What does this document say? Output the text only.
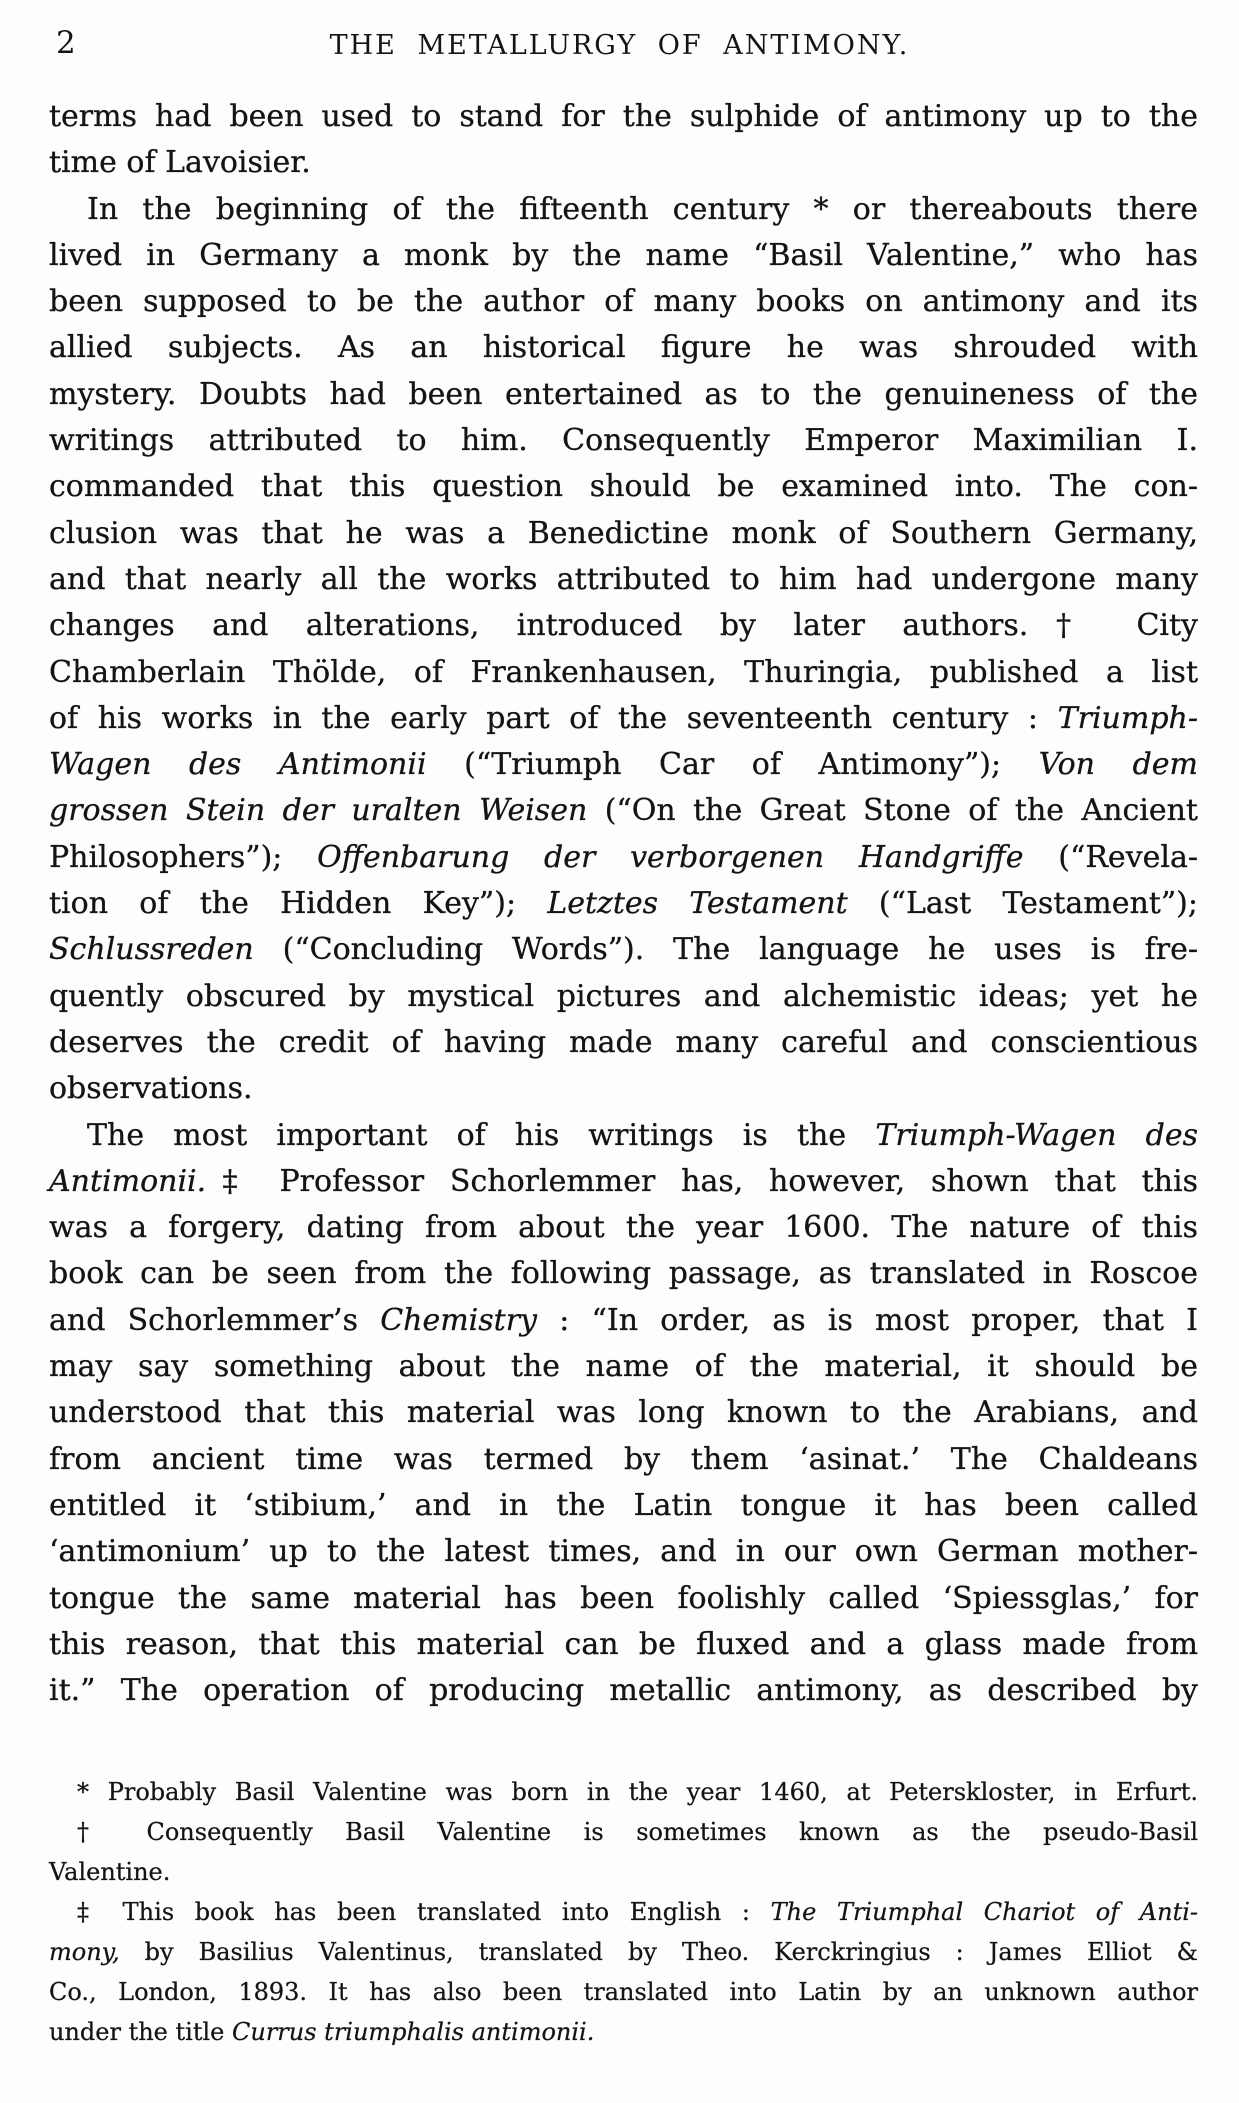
2	THE METALLURGY OF ANTIMONY.
terms had been used to stand for the sulphide of antimony up to the
time of Lavoisier.
In the beginning of the fifteenth century * or thereabouts there
lived in Germany a monk by the name “Basil Valentine,” who has
been supposed to be the author of many books on antimony and its
allied subjects. As an historical figure he was shrouded with
mystery. Doubts had been entertained as to the genuineness of the
writings attributed to him. Consequently Emperor Maximilian I.
commanded that this question should be examined into. The con-
clusion was that he was a Benedictine monk of Southern Germany,
and that nearly all the works attributed to him had undergone many
changes and alterations, introduced by later authors.† City
Chamberlain Thölde, of Frankenhausen, Thuringia, published a list
of his works in the early part of the seventeenth century : Triumph-
Wagen des Antimonii (“Triumph Car of Antimony”); Von dem
grossen Stein der uralten Weisen (“On the Great Stone of the Ancient
Philosophers”); Offenbarung der verborgenen Handgriffe (“Revela-
tion of the Hidden Key”); Letztes Testament (“Last Testament”);
Schlussreden (“Concluding Words”). The language he uses is fre-
quently obscured by mystical pictures and alchemistic ideas; yet he
deserves the credit of having made many careful and conscientious
observations.
The most important of his writings is the Triumph-Wagen des
Antimonii.‡ Professor Schorlemmer has, however, shown that this
was a forgery, dating from about the year 1600. The nature of this
book can be seen from the following passage, as translated in Roscoe
and Schorlemmer’s Chemistry : “In order, as is most proper, that I
may say something about the name of the material, it should be
understood that this material was long known to the Arabians, and
from ancient time was termed by them ‘asinat.’ The Chaldeans
entitled it ‘stibium,’ and in the Latin tongue it has been called
‘antimonium’ up to the latest times, and in our own German mother-
tongue the same material has been foolishly called ‘Spiessglas,’ for
this reason, that this material can be fluxed and a glass made from
it.” The operation of producing metallic antimony, as described by
* Probably Basil Valentine was born in the year 1460, at Peterskloster, in Erfurt.
† Consequently Basil Valentine is sometimes known as the pseudo-Basil
Valentine.
‡ This book has been translated into English : The Triumphal Chariot of Anti-
mony, by Basilius Valentinus, translated by Theo. Kerckringius : James Elliot &
Co., London, 1893. It has also been translated into Latin by an unknown author
under the title Currus triumphalis antimonii.
